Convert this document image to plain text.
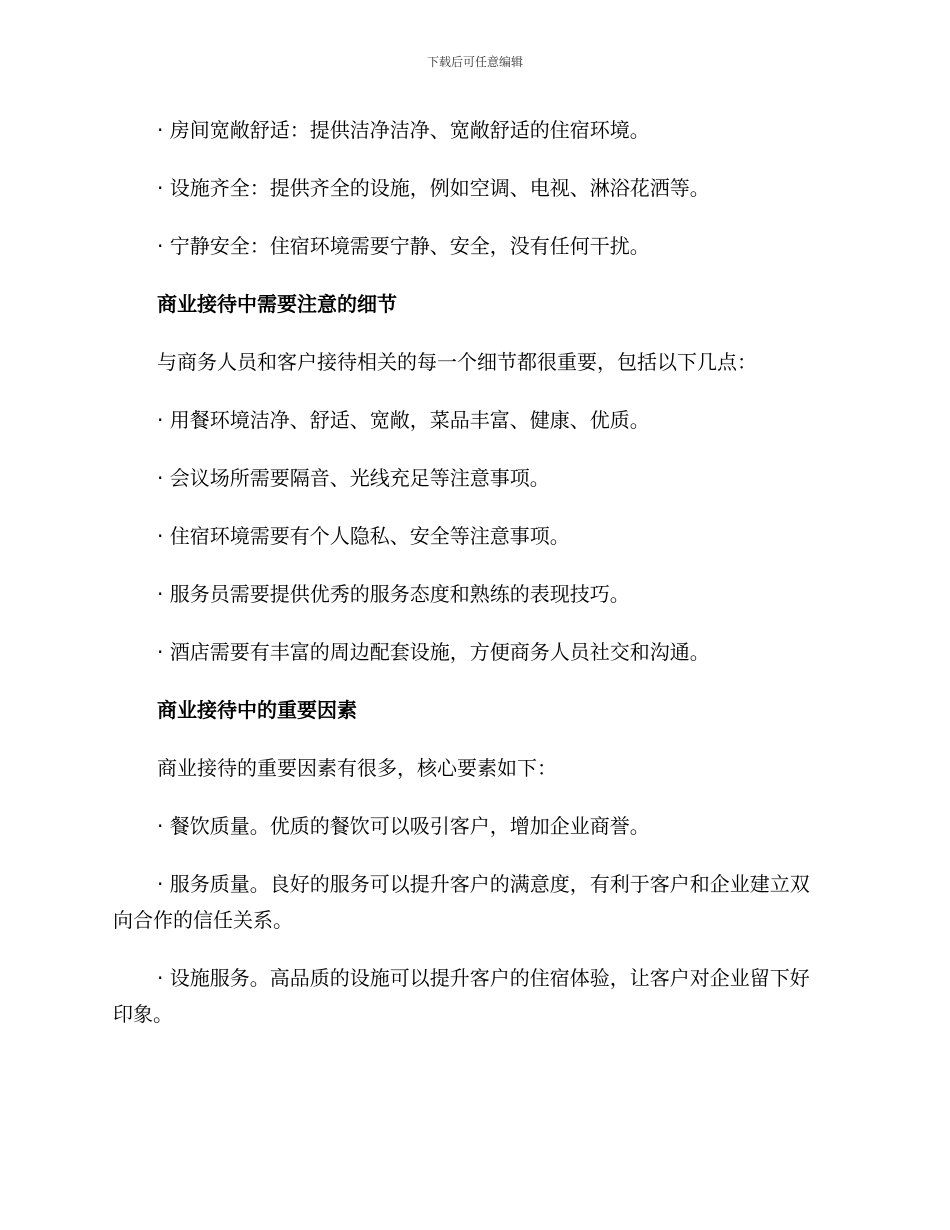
下载后可任意编辑

· 房间宽敞舒适：提供洁净洁净、宽敞舒适的住宿环境。

· 设施齐全：提供齐全的设施，例如空调、电视、淋浴花洒等。

· 宁静安全：住宿环境需要宁静、安全，没有任何干扰。

商业接待中需要注意的细节

与商务人员和客户接待相关的每一个细节都很重要，包括以下几点：

· 用餐环境洁净、舒适、宽敞，菜品丰富、健康、优质。

· 会议场所需要隔音、光线充足等注意事项。

· 住宿环境需要有个人隐私、安全等注意事项。

· 服务员需要提供优秀的服务态度和熟练的表现技巧。

· 酒店需要有丰富的周边配套设施，方便商务人员社交和沟通。

商业接待中的重要因素

商业接待的重要因素有很多，核心要素如下：

· 餐饮质量。优质的餐饮可以吸引客户，增加企业商誉。

· 服务质量。良好的服务可以提升客户的满意度，有利于客户和企业建立双向合作的信任关系。

· 设施服务。高品质的设施可以提升客户的住宿体验，让客户对企业留下好印象。
